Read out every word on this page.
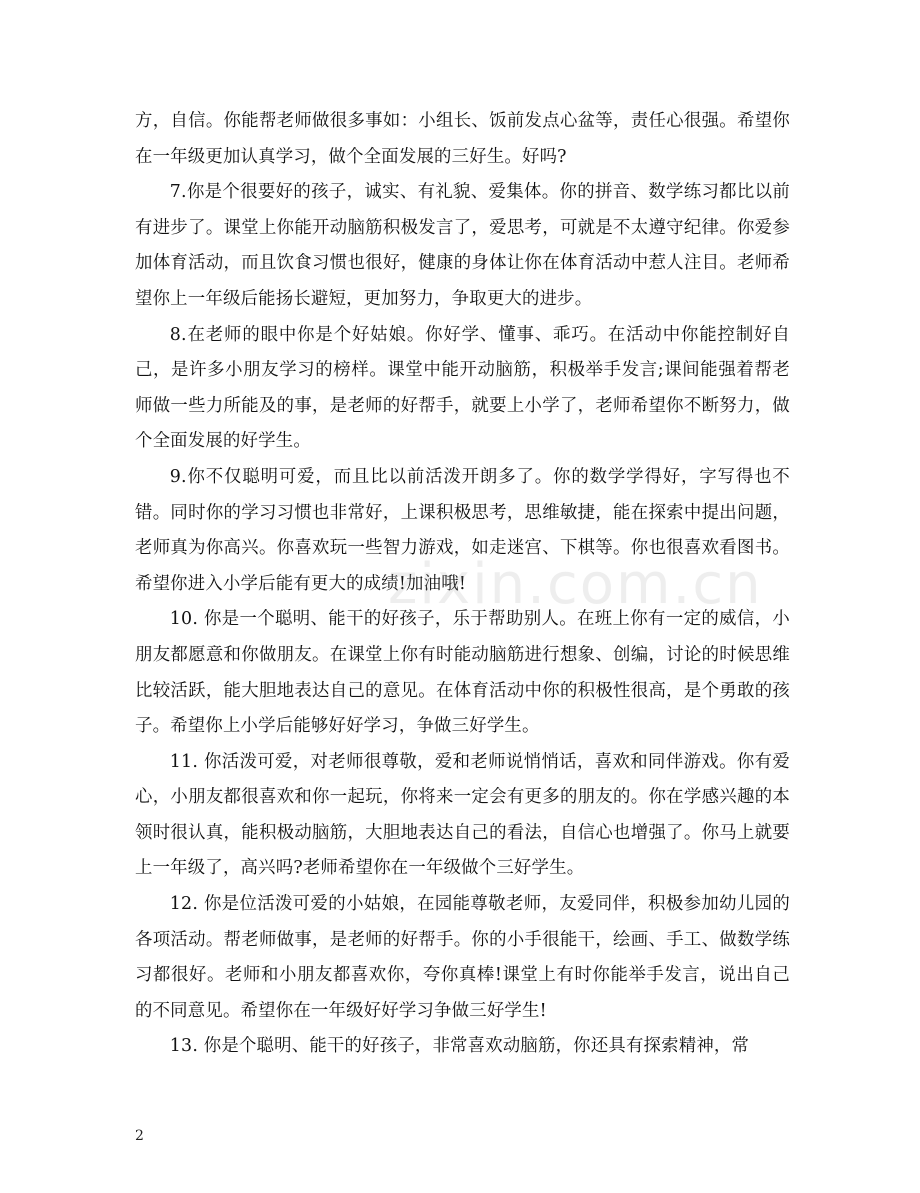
方，自信。你能帮老师做很多事如：小组长、饭前发点心盆等，责任心很强。希望你在一年级更加认真学习，做个全面发展的三好生。好吗?

7.你是个很要好的孩子，诚实、有礼貌、爱集体。你的拼音、数学练习都比以前有进步了。课堂上你能开动脑筋积极发言了，爱思考，可就是不太遵守纪律。你爱参加体育活动，而且饮食习惯也很好，健康的身体让你在体育活动中惹人注目。老师希望你上一年级后能扬长避短，更加努力，争取更大的进步。

8.在老师的眼中你是个好姑娘。你好学、懂事、乖巧。在活动中你能控制好自己，是许多小朋友学习的榜样。课堂中能开动脑筋，积极举手发言;课间能强着帮老师做一些力所能及的事，是老师的好帮手，就要上小学了，老师希望你不断努力，做个全面发展的好学生。

9.你不仅聪明可爱，而且比以前活泼开朗多了。你的数学学得好，字写得也不错。同时你的学习习惯也非常好，上课积极思考，思维敏捷，能在探索中提出问题，老师真为你高兴。你喜欢玩一些智力游戏，如走迷宫、下棋等。你也很喜欢看图书。希望你进入小学后能有更大的成绩!加油哦!

10. 你是一个聪明、能干的好孩子，乐于帮助别人。在班上你有一定的威信，小朋友都愿意和你做朋友。在课堂上你有时能动脑筋进行想象、创编，讨论的时候思维比较活跃，能大胆地表达自己的意见。在体育活动中你的积极性很高，是个勇敢的孩子。希望你上小学后能够好好学习，争做三好学生。

11. 你活泼可爱，对老师很尊敬，爱和老师说悄悄话，喜欢和同伴游戏。你有爱心，小朋友都很喜欢和你一起玩，你将来一定会有更多的朋友的。你在学感兴趣的本领时很认真，能积极动脑筋，大胆地表达自己的看法，自信心也增强了。你马上就要上一年级了，高兴吗?老师希望你在一年级做个三好学生。

12. 你是位活泼可爱的小姑娘，在园能尊敬老师，友爱同伴，积极参加幼儿园的各项活动。帮老师做事，是老师的好帮手。你的小手很能干，绘画、手工、做数学练习都很好。老师和小朋友都喜欢你，夸你真棒!课堂上有时你能举手发言，说出自己的不同意见。希望你在一年级好好学习争做三好学生!

13. 你是个聪明、能干的好孩子，非常喜欢动脑筋，你还具有探索精神，常

zixin.com.cn
2
